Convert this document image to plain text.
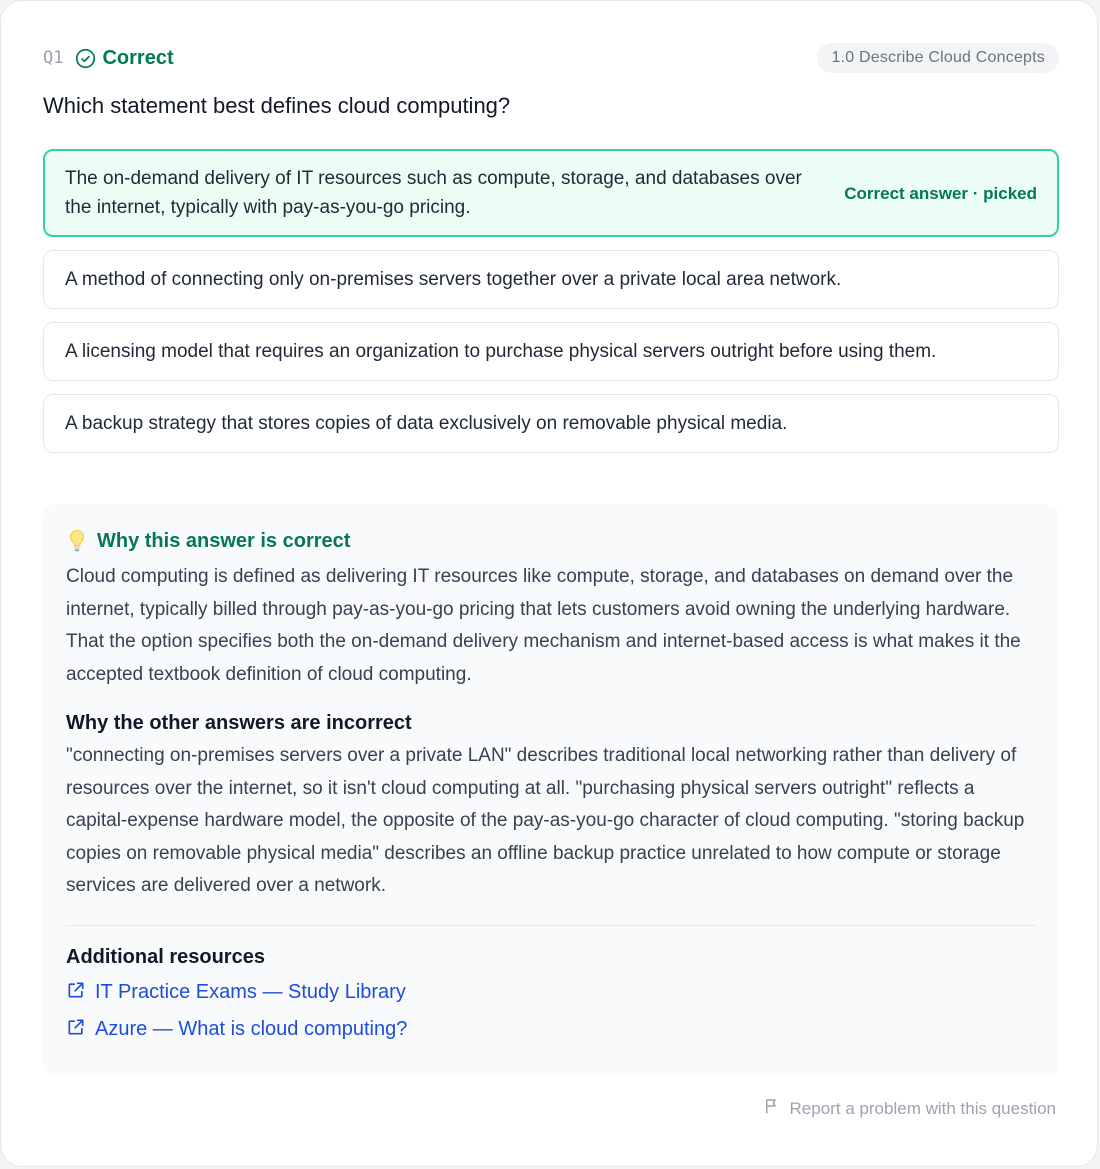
Q1 Correct	1.0 Describe Cloud Concepts
Which statement best defines cloud computing?
The on-demand delivery of IT resources such as compute, storage, and databases over the internet, typically with pay-as-you-go pricing.
Correct answer · picked
A method of connecting only on-premises servers together over a private local area network.
A licensing model that requires an organization to purchase physical servers outright before using them.
A backup strategy that stores copies of data exclusively on removable physical media.
Why this answer is correct
Cloud computing is defined as delivering IT resources like compute, storage, and databases on demand over the internet, typically billed through pay-as-you-go pricing that lets customers avoid owning the underlying hardware. That the option specifies both the on-demand delivery mechanism and internet-based access is what makes it the accepted textbook definition of cloud computing.
Why the other answers are incorrect
"connecting on-premises servers over a private LAN" describes traditional local networking rather than delivery of resources over the internet, so it isn't cloud computing at all. "purchasing physical servers outright" reflects a capital-expense hardware model, the opposite of the pay-as-you-go character of cloud computing. "storing backup copies on removable physical media" describes an offline backup practice unrelated to how compute or storage services are delivered over a network.
Additional resources
IT Practice Exams — Study Library
Azure — What is cloud computing?
Report a problem with this question
